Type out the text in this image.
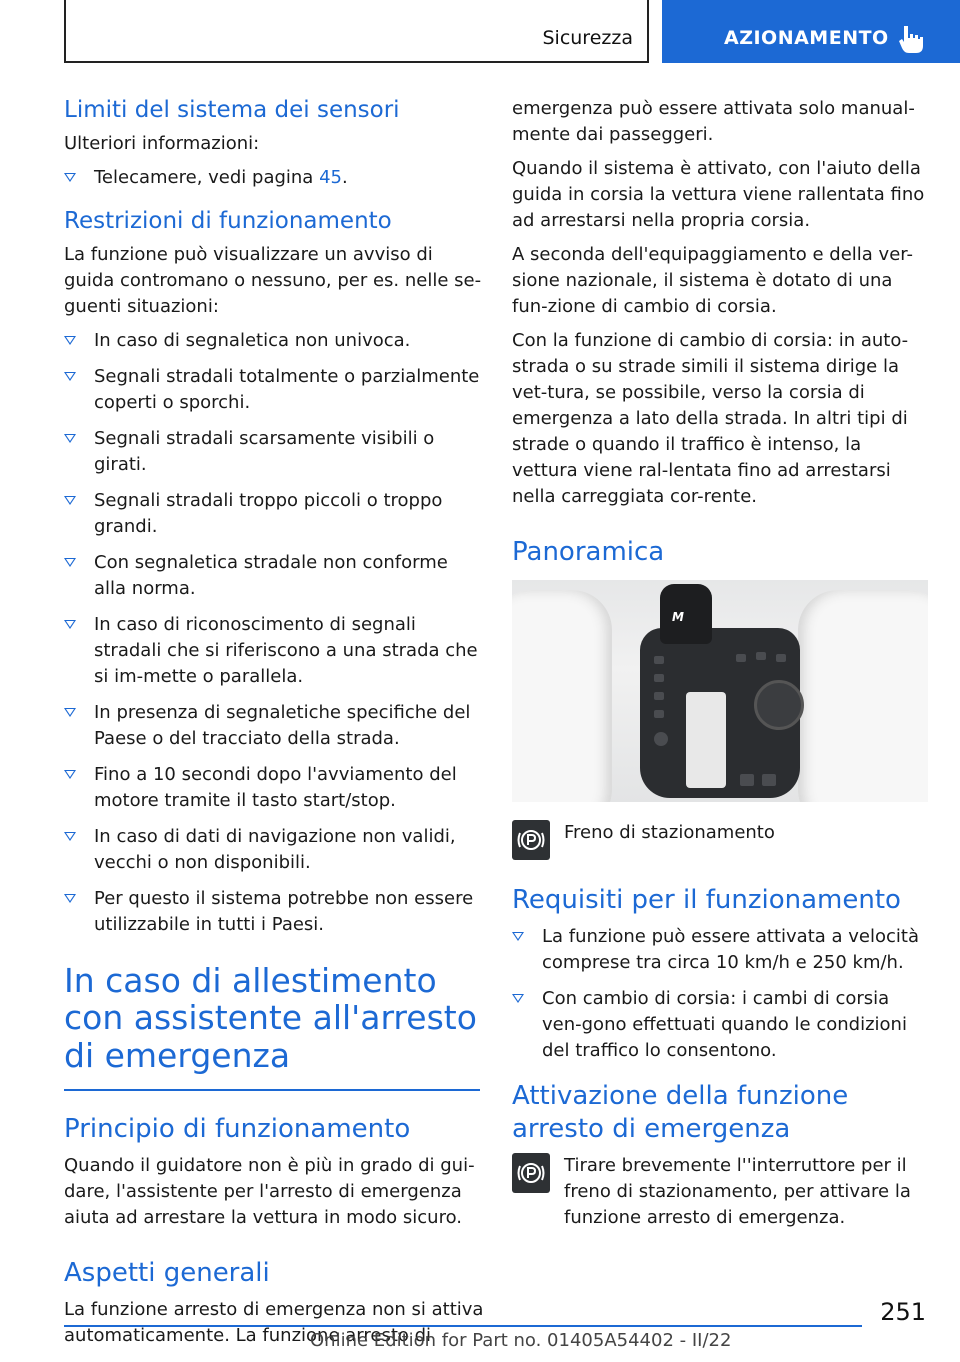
Sicurezza	AZIONAMENTO
Limiti del sistema dei sensori

Ulteriori informazioni:

Telecamere, vedi pagina 45.
Restrizioni di funzionamento

La funzione può visualizzare un avviso di guida contromano o nessuno, per es. nelle se-guenti situazioni:

In caso di segnaletica non univoca.
Segnali stradali totalmente o parzialmente coperti o sporchi.
Segnali stradali scarsamente visibili o girati.
Segnali stradali troppo piccoli o troppo grandi.
Con segnaletica stradale non conforme alla norma.
In caso di riconoscimento di segnali stradali che si riferiscono a una strada che si im-mette o parallela.
In presenza di segnaletiche specifiche del Paese o del tracciato della strada.
Fino a 10 secondi dopo l'avviamento del motore tramite il tasto start/stop.
In caso di dati di navigazione non validi, vecchi o non disponibili.
Per questo il sistema potrebbe non essere utilizzabile in tutti i Paesi.
In caso di allestimento con assistente all'arresto di emergenza
Principio di funzionamento

Quando il guidatore non è più in grado di gui-dare, l'assistente per l'arresto di emergenza aiuta ad arrestare la vettura in modo sicuro.

Aspetti generali

La funzione arresto di emergenza non si attiva automaticamente. La funzione arresto di

emergenza può essere attivata solo manual-mente dai passeggeri.

Quando il sistema è attivato, con l'aiuto della guida in corsia la vettura viene rallentata fino ad arrestarsi nella propria corsia.

A seconda dell'equipaggiamento e della ver-sione nazionale, il sistema è dotato di una fun-zione di cambio di corsia.

Con la funzione di cambio di corsia: in auto-strada o su strade simili il sistema dirige la vet-tura, se possibile, verso la corsia di emergenza a lato della strada. In altri tipi di strade o quando il traffico è intenso, la vettura viene ral-lentata fino ad arrestarsi nella carreggiata cor-rente.

Panoramica
M
Freno di stazionamento
Requisiti per il funzionamento
La funzione può essere attivata a velocità comprese tra circa 10 km/h e 250 km/h.
Con cambio di corsia: i cambi di corsia ven-gono effettuati quando le condizioni del traffico lo consentono.
Attivazione della funzione arresto di emergenza
Tirare brevemente l''interruttore per il freno di stazionamento, per attivare la funzione arresto di emergenza.
251
Online Edition for Part no. 01405A54402 - II/22
